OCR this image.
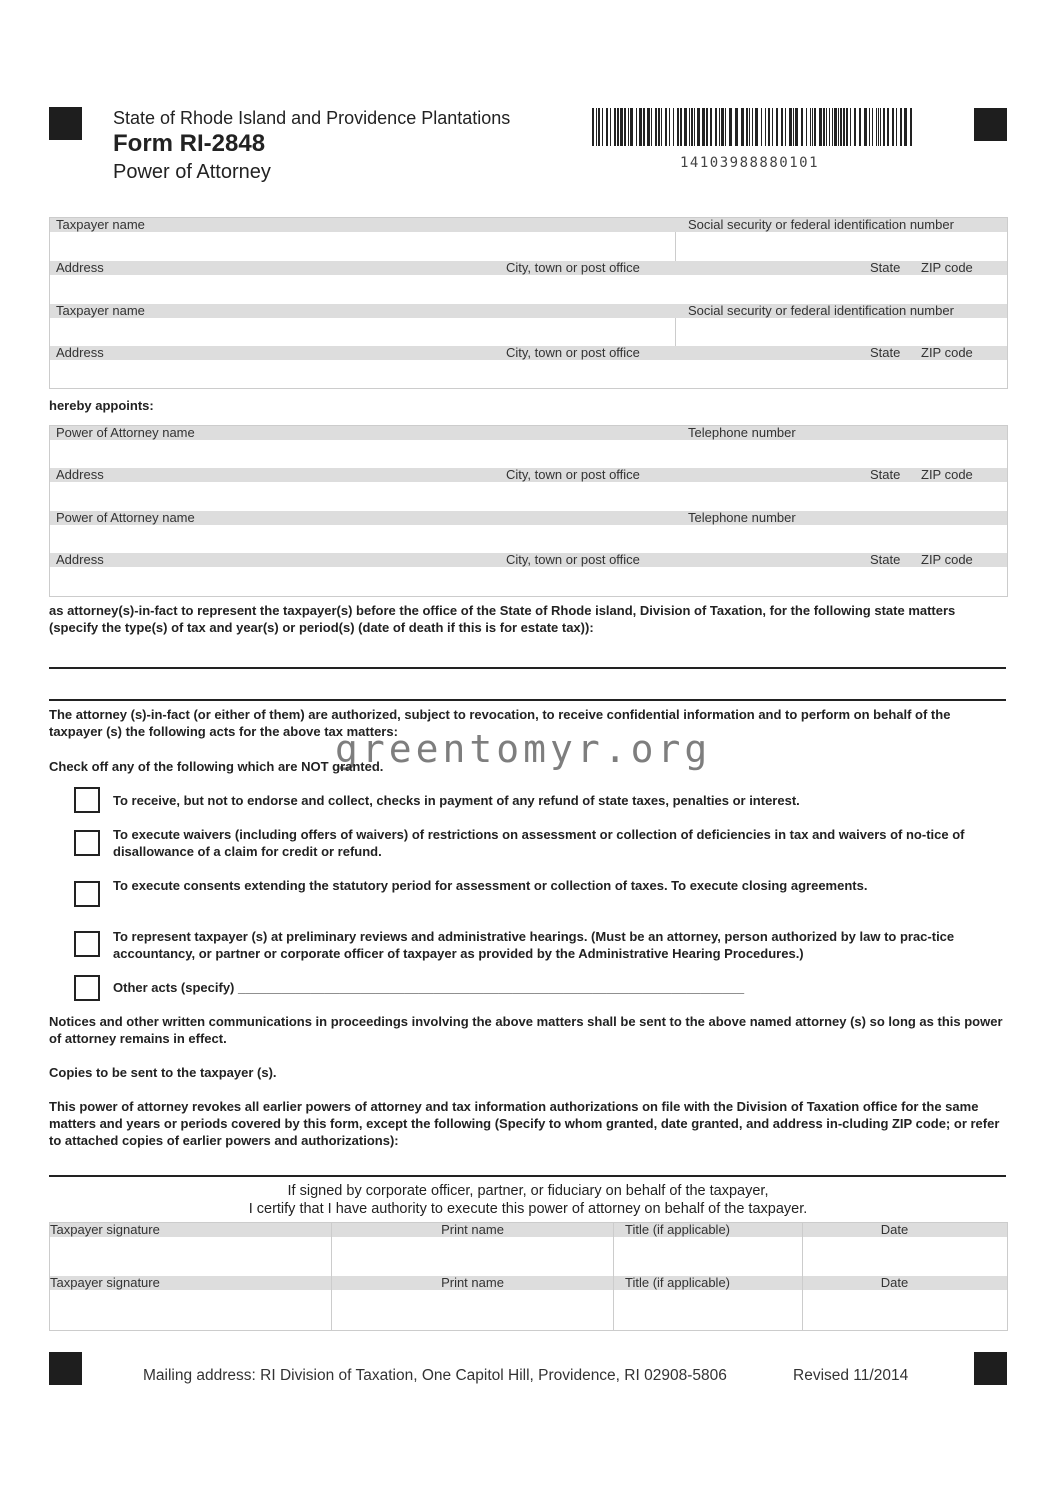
State of Rhode Island and Providence Plantations
Form RI-2848
Power of Attorney	14103988880101
Taxpayer name	Social security or federal identification number
Address	City, town or post office	State ZIP code
Taxpayer name	Social security or federal identification number
Address	City, town or post office	State ZIP code
hereby appoints:
Power of Attorney name	Telephone number
Address	City, town or post office	State ZIP code
Power of Attorney name	Telephone number
Address	City, town or post office	State ZIP code
as attorney(s)-in-fact to represent the taxpayer(s) before the office of the State of Rhode island, Division of Taxation, for the following state matters (specify the type(s) of tax and year(s) or period(s) (date of death if this is for estate tax)):
The attorney (s)-in-fact (or either of them) are authorized, subject to revocation, to receive confidential information and to perform on behalf of the taxpayer (s) the following acts for the above tax matters:
Check off any of the following which are NOT granted.
greentomyr.org
To receive, but not to endorse and collect, checks in payment of any refund of state taxes, penalties or interest.
To execute waivers (including offers of waivers) of restrictions on assessment or collection of deficiencies in tax and waivers of no-tice of disallowance of a claim for credit or refund.
To execute consents extending the statutory period for assessment or collection of taxes. To execute closing agreements.
To represent taxpayer (s) at preliminary reviews and administrative hearings. (Must be an attorney, person authorized by law to prac-tice accountancy, or partner or corporate officer of taxpayer as provided by the Administrative Hearing Procedures.)
Other acts (specify) ______________________________________________________________________
Notices and other written communications in proceedings involving the above matters shall be sent to the above named attorney (s) so long as this power of attorney remains in effect.
Copies to be sent to the taxpayer (s).
This power of attorney revokes all earlier powers of attorney and tax information authorizations on file with the Division of Taxation office for the same matters and years or periods covered by this form, except the following (Specify to whom granted, date granted, and address in-cluding ZIP code; or refer to attached copies of earlier powers and authorizations):
If signed by corporate officer, partner, or fiduciary on behalf of the taxpayer,
I certify that I have authority to execute this power of attorney on behalf of the taxpayer.
Taxpayer signature	Print name	Title (if applicable)	Date
Taxpayer signature	Print name	Title (if applicable)	Date
Mailing address: RI Division of Taxation, One Capitol Hill, Providence, RI 02908-5806	Revised 11/2014
